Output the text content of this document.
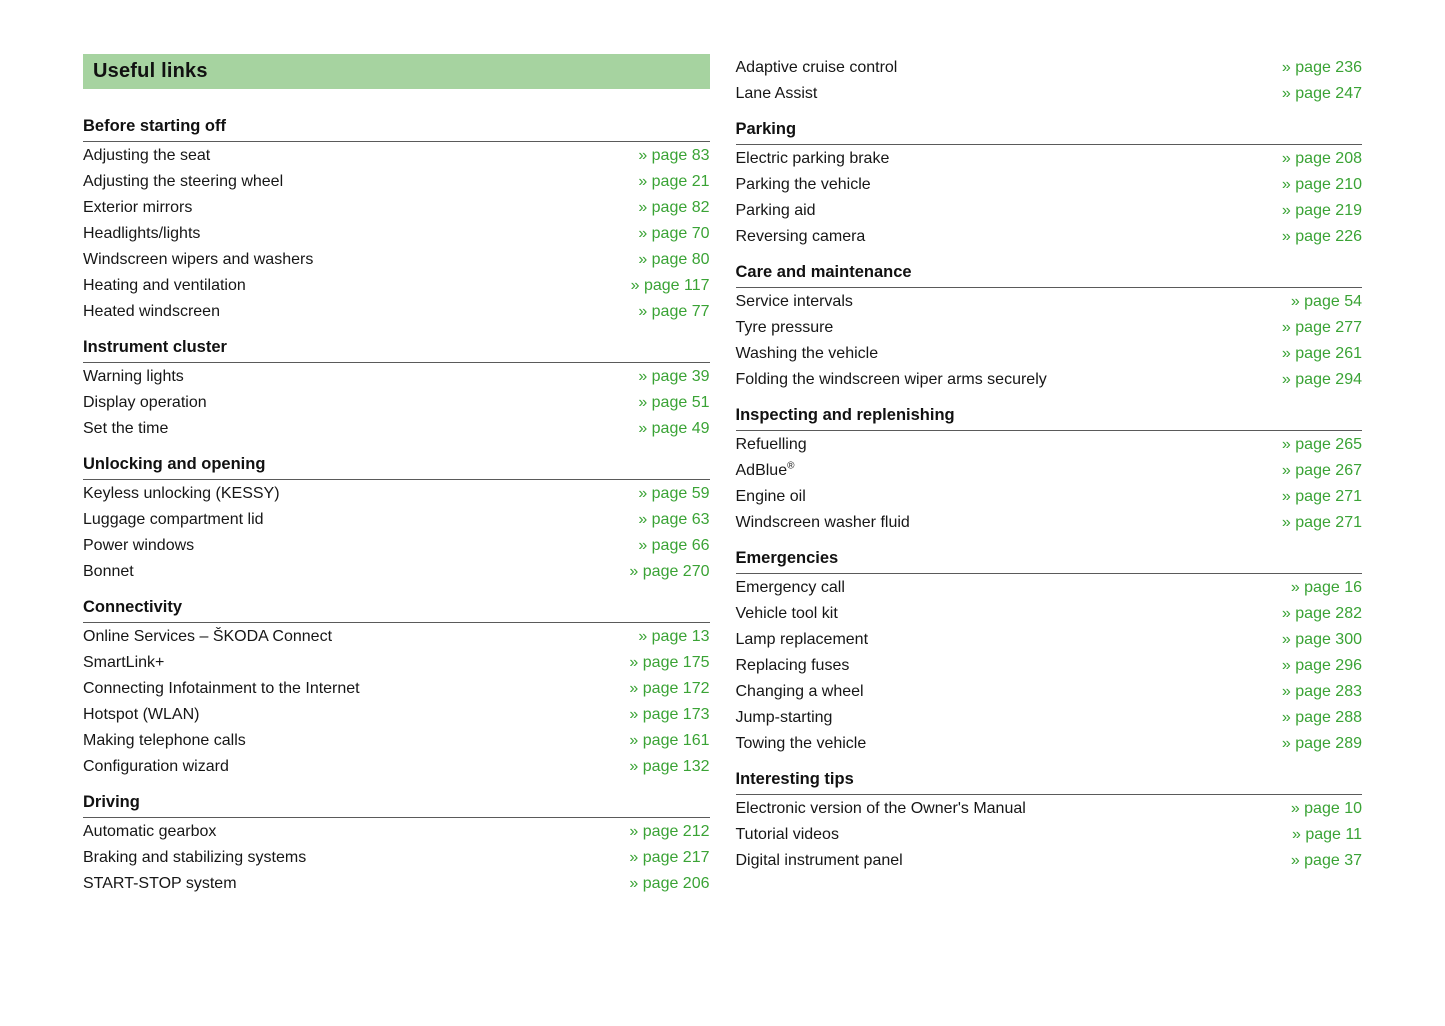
Useful links
Before starting off
Adjusting the seat	» page 83
Adjusting the steering wheel	» page 21
Exterior mirrors	» page 82
Headlights/lights	» page 70
Windscreen wipers and washers	» page 80
Heating and ventilation	» page 117
Heated windscreen	» page 77
Instrument cluster
Warning lights	» page 39
Display operation	» page 51
Set the time	» page 49
Unlocking and opening
Keyless unlocking (KESSY)	» page 59
Luggage compartment lid	» page 63
Power windows	» page 66
Bonnet	» page 270
Connectivity
Online Services – ŠKODA Connect	» page 13
SmartLink+	» page 175
Connecting Infotainment to the Internet	» page 172
Hotspot (WLAN)	» page 173
Making telephone calls	» page 161
Configuration wizard	» page 132
Driving
Automatic gearbox	» page 212
Braking and stabilizing systems	» page 217
START-STOP system	» page 206
Adaptive cruise control	» page 236
Lane Assist	» page 247
Parking
Electric parking brake	» page 208
Parking the vehicle	» page 210
Parking aid	» page 219
Reversing camera	» page 226
Care and maintenance
Service intervals	» page 54
Tyre pressure	» page 277
Washing the vehicle	» page 261
Folding the windscreen wiper arms securely	» page 294
Inspecting and replenishing
Refuelling	» page 265
AdBlue®	» page 267
Engine oil	» page 271
Windscreen washer fluid	» page 271
Emergencies
Emergency call	» page 16
Vehicle tool kit	» page 282
Lamp replacement	» page 300
Replacing fuses	» page 296
Changing a wheel	» page 283
Jump-starting	» page 288
Towing the vehicle	» page 289
Interesting tips
Electronic version of the Owner's Manual	» page 10
Tutorial videos	» page 11
Digital instrument panel	» page 37
